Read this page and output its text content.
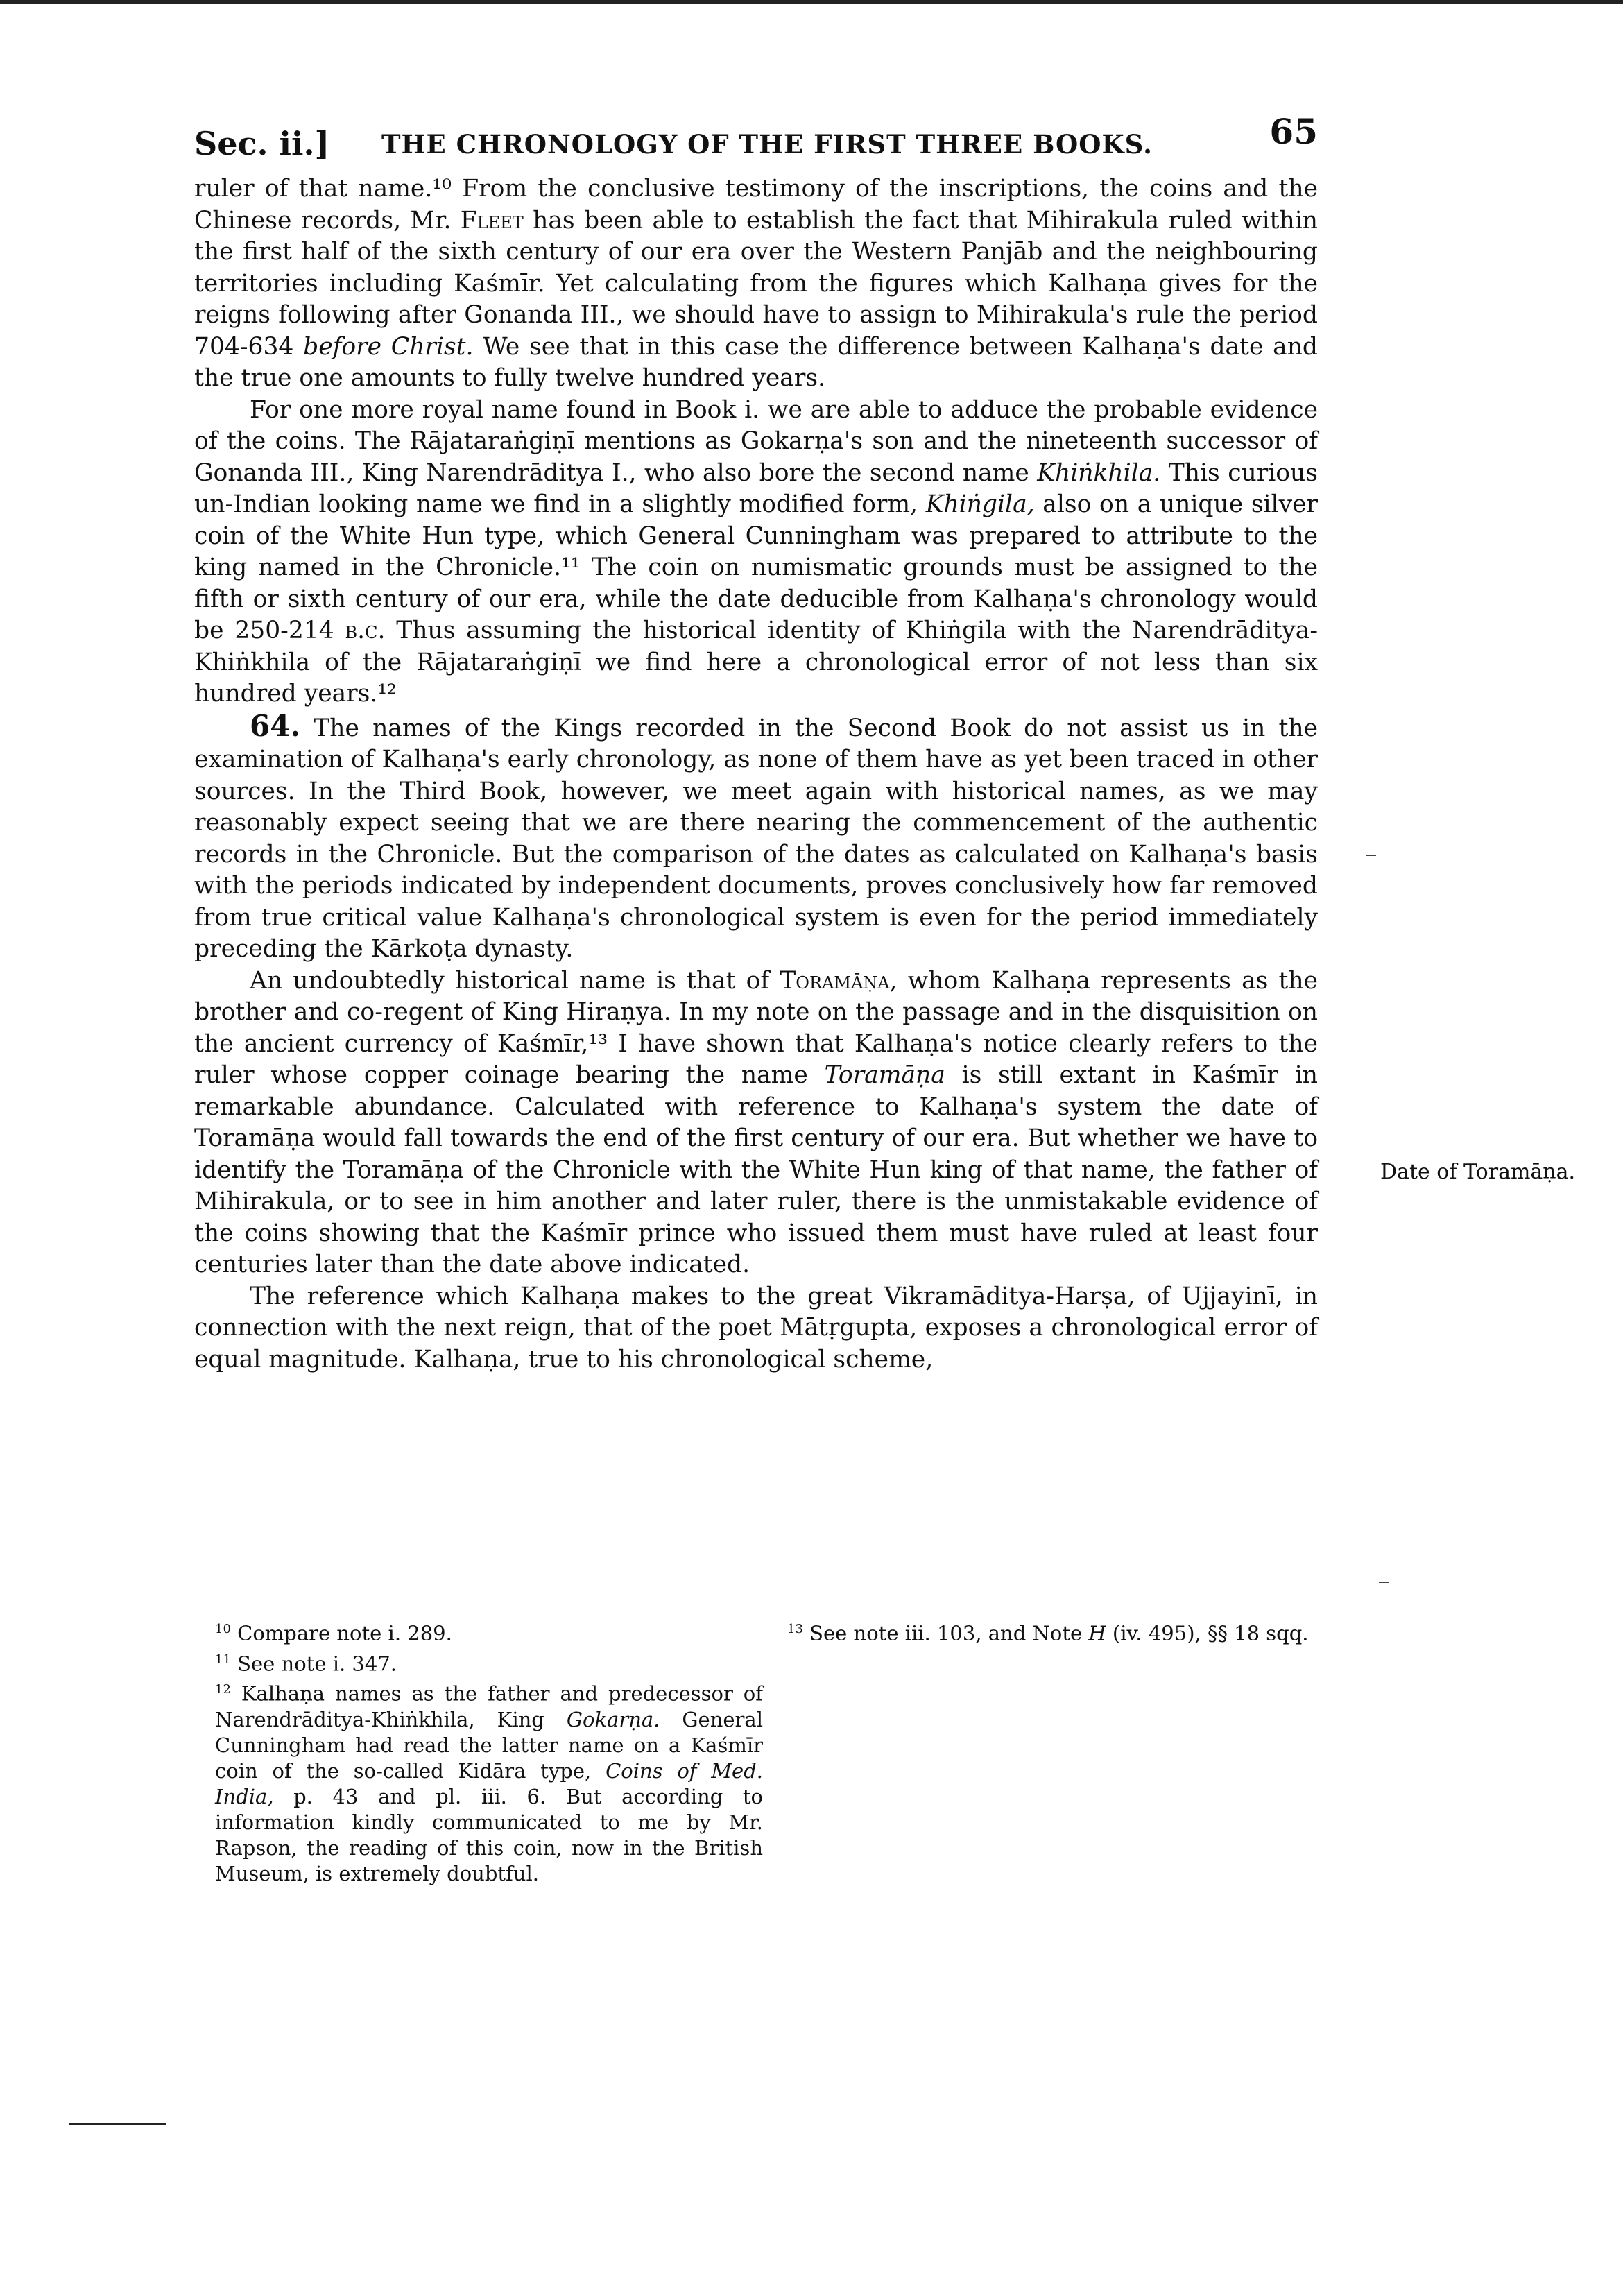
Sec. ii.] THE CHRONOLOGY OF THE FIRST THREE BOOKS.	65

ruler of that name.¹⁰ From the conclusive testimony of the inscriptions, the coins and the Chinese records, Mr. Fleet has been able to establish the fact that Mihirakula ruled within the first half of the sixth century of our era over the Western Panjāb and the neighbouring territories including Kaśmīr. Yet calculating from the figures which Kalhaṇa gives for the reigns following after Gonanda III., we should have to assign to Mihirakula's rule the period 704-634 before Christ. We see that in this case the difference between Kalhaṇa's date and the true one amounts to fully twelve hundred years.

For one more royal name found in Book i. we are able to adduce the probable evidence of the coins. The Rājataraṅgiṇī mentions as Gokarṇa's son and the nineteenth successor of Gonanda III., King Narendrāditya I., who also bore the second name Khiṅkhila. This curious un-Indian looking name we find in a slightly modified form, Khiṅgila, also on a unique silver coin of the White Hun type, which General Cunningham was prepared to attribute to the king named in the Chronicle.¹¹ The coin on numismatic grounds must be assigned to the fifth or sixth century of our era, while the date deducible from Kalhaṇa's chronology would be 250-214 b.c. Thus assuming the historical identity of Khiṅgila with the Narendrāditya-Khiṅkhila of the Rājataraṅgiṇī we find here a chronological error of not less than six hundred years.¹²

64. The names of the Kings recorded in the Second Book do not assist us in the examination of Kalhaṇa's early chronology, as none of them have as yet been traced in other sources. In the Third Book, however, we meet again with historical names, as we may reasonably expect seeing that we are there nearing the commencement of the authentic records in the Chronicle. But the comparison of the dates as calculated on Kalhaṇa's basis with the periods indicated by independent documents, proves conclusively how far removed from true critical value Kalhaṇa's chronological system is even for the period immediately preceding the Kārkoṭa dynasty.

An undoubtedly historical name is that of Toramāṇa, whom Kalhaṇa represents as the brother and co-regent of King Hiraṇya. In my note on the passage and in the disquisition on the ancient currency of Kaśmīr,¹³ I have shown that Kalhaṇa's notice clearly refers to the ruler whose copper coinage bearing the name Toramāṇa is still extant in Kaśmīr in remarkable abundance. Calculated with reference to Kalhaṇa's system the date of Toramāṇa would fall towards the end of the first century of our era. But whether we have to identify the Toramāṇa of the Chronicle with the White Hun king of that name, the father of Mihirakula, or to see in him another and later ruler, there is the unmistakable evidence of the coins showing that the Kaśmīr prince who issued them must have ruled at least four centuries later than the date above indicated.

The reference which Kalhaṇa makes to the great Vikramāditya-Harṣa, of Ujjayinī, in connection with the next reign, that of the poet Mātṛgupta, exposes a chronological error of equal magnitude. Kalhaṇa, true to his chronological scheme,

Date of Toramāṇa.

$^{10}$ Compare note i. 289.

$^{11}$ See note i. 347.

$^{12}$ Kalhaṇa names as the father and predecessor of Narendrāditya-Khiṅkhila, King Gokarṇa. General Cunningham had read the latter name on a Kaśmīr coin of the so-called Kidāra type, Coins of Med. India, p. 43 and pl. iii. 6. But according to information kindly communicated to me by Mr. Rapson, the reading of this coin, now in the British Museum, is extremely doubtful.

$^{13}$ See note iii. 103, and Note H (iv. 495), §§ 18 sqq.
